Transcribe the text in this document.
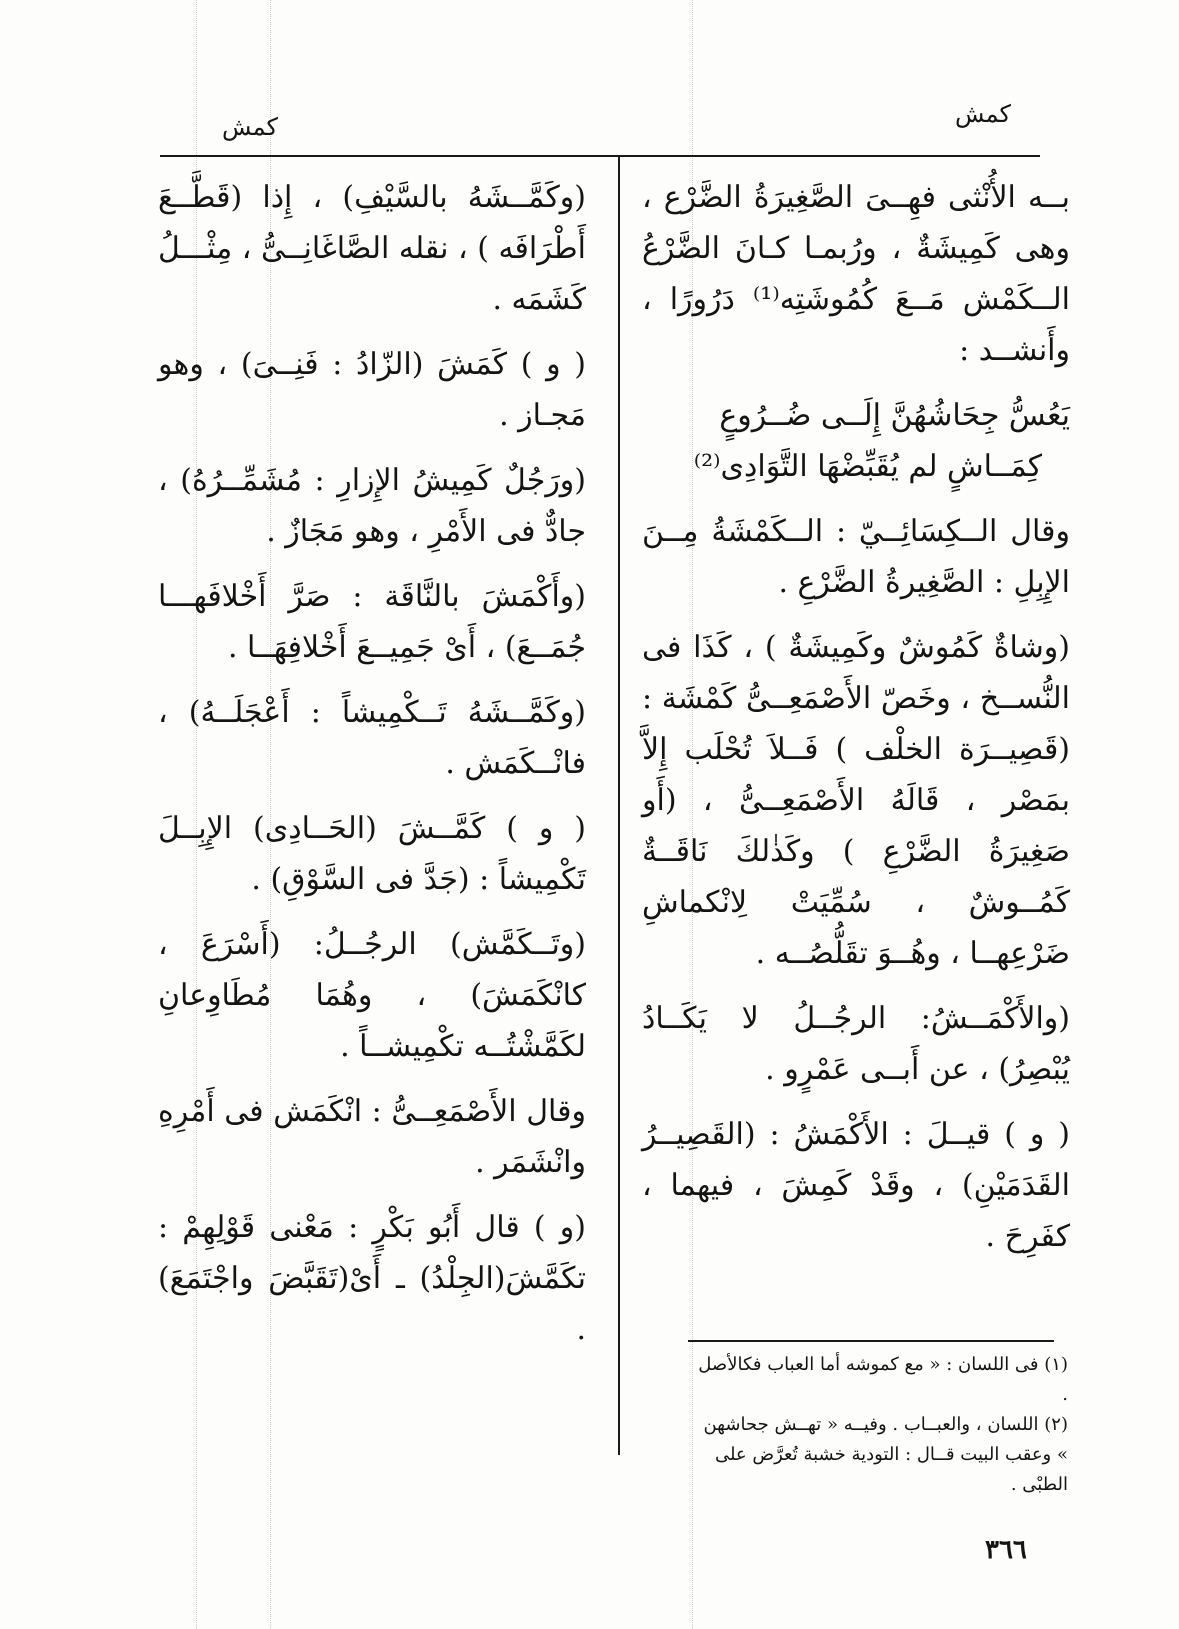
كمش	كمش

بــه الأُنْثى فهِــىَ الصَّغِيرَةُ الضَّرْع ، وهى كَمِيشَةٌ ، ورُبمـا كـانَ الضَّرْعُ الــكَمْش مَــعَ كُمُوشَتِه⁽¹⁾ دَرُورًا ، وأَنشــد :

يَعُسُّ جِحَاشُهُنَّ إِلَــى ضُــرُوعٍ

كِمَــاشٍ لم يُقَبِّضْهَا التَّوَادِى⁽²⁾

وقال الــكِسَائِــيّ : الــكَمْشَةُ مِــنَ الإِبِلِ : الصَّغِيرةُ الضَّرْعِ .

(وشاةٌ كَمُوشٌ وكَمِيشَةٌ ) ، كَذَا فى النُّســخ ، وخَصّ الأَصْمَعِــىُّ كَمْشَة : (قَصِيــرَة الخلْف ) فَــلاَ تُحْلَب إِلاَّ بمَصْر ، قَالَهُ الأَصْمَعِــىُّ ، (أَو صَغِيرَةُ الضَّرْعِ ) وكَذٰلكَ نَاقَــةٌ كَمُــوشٌ ، سُمِّيَتْ لِانْكماشِ ضَرْعِهــا ، وهُــوَ تقَلُّصُــه .

(والأَكْمَــشُ: الرجُــلُ لا يَكَــادُ يُبْصِرُ) ، عن أَبــى عَمْرٍو .

( و ) قيــلَ : الأَكْمَشُ : (القَصِيــرُ القَدَمَيْنِ) ، وقَدْ كَمِشَ ، فيهما ، كفَرِحَ .

(وكَمَّــشَهُ بالسَّيْفِ) ، إِذا (قَطَّــعَ أَطْرَافَه ) ، نقله الصَّاغَانِــىُّ ، مِثْـــلُ كَشَمَه .

( و ) كَمَشَ (الزّادُ : فَنِــىَ) ، وهو مَجـاز .

(ورَجُلٌ كَمِيشُ الإِزارِ : مُشَمِّــرُهُ) ، جادٌّ فى الأَمْرِ ، وهو مَجَازٌ .

(وأَكْمَشَ بالنَّاقَة : صَرَّ أَخْلافَهـــا جُمَــعَ) ، أَىْ جَمِيــعَ أَخْلافِهَــا .

(وكَمَّــشَهُ تَــكْمِيشاً : أَعْجَلَــهُ) ، فانْــكَمَش .

( و ) كَمَّــشَ (الحَــادِى) الإِبِــلَ تَكْمِيشاً : (جَدَّ فى السَّوْقِ) .

(وتَــكَمَّش) الرجُــلُ: (أَسْرَعَ ، كانْكَمَشَ) ، وهُمَا مُطَاوِعانِ لكَمَّشْتُــه تكْمِيشــاً .

وقال الأَصْمَعِــىُّ : انْكَمَش فى أَمْرِهِ وانْشَمَر .

(و ) قال أَبُو بَكْرٍ : مَعْنى قَوْلِهِمْ : تكَمَّشَ(الجِلْدُ) ـ أَىْ(تَقَبَّضَ واجْتَمَعَ) .

(١) فى اللسان : « مع كموشه أما العباب فكالأصل .

(٢) اللسان ، والعبــاب . وفيــه « تهــش جحاشهن » وعقب البيت قــال : التودية خشبة تُعرَّض على الطبْى .

٣٦٦
